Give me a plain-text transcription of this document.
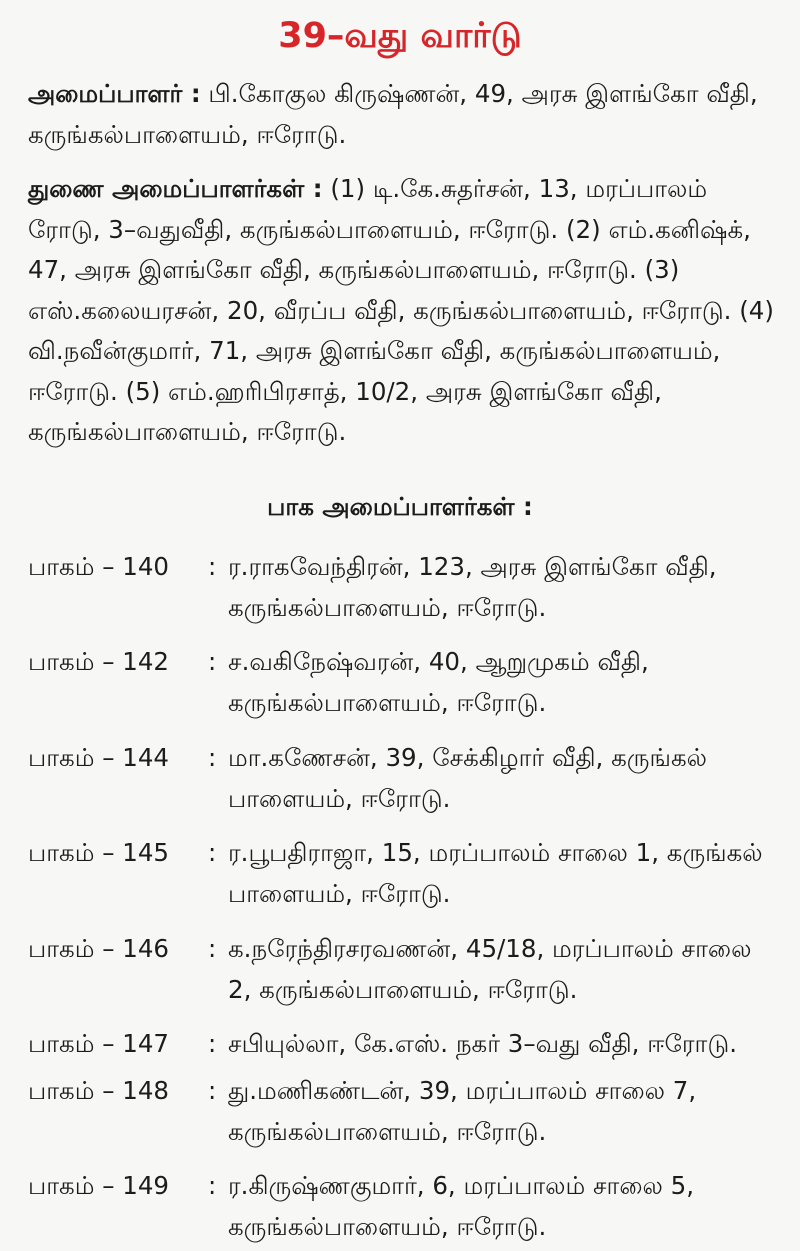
39–வது வார்டு

அமைப்பாளர் : பி.கோகுல கிருஷ்ணன், 49, அரசு இளங்கோ வீதி, கருங்கல்பாளையம், ஈரோடு.

துணை அமைப்பாளர்கள் : (1) டி.கே.சுதர்சன், 13, மரப்பாலம் ரோடு, 3–வதுவீதி, கருங்கல்பாளையம், ஈரோடு. (2) எம்.கனிஷ்க், 47, அரசு இளங்கோ வீதி, கருங்கல்பாளையம், ஈரோடு. (3) எஸ்.கலையரசன், 20, வீரப்ப வீதி, கருங்கல்பாளையம், ஈரோடு. (4) வி.நவீன்குமார், 71, அரசு இளங்கோ வீதி, கருங்கல்பாளையம், ஈரோடு. (5) எம்.ஹரிபிரசாத், 10/2, அரசு இளங்கோ வீதி, கருங்கல்பாளையம், ஈரோடு.

பாக அமைப்பாளர்கள் :
பாகம் – 140 : ர.ராகவேந்திரன், 123, அரசு இளங்கோ வீதி, கருங்கல்பாளையம், ஈரோடு.
பாகம் – 142 : ச.வகிநேஷ்வரன், 40, ஆறுமுகம் வீதி, கருங்கல்பாளையம், ஈரோடு.
பாகம் – 144 : மா.கணேசன், 39, சேக்கிழார் வீதி, கருங்கல் பாளையம், ஈரோடு.
பாகம் – 145 : ர.பூபதிராஜா, 15, மரப்பாலம் சாலை 1, கருங்கல் பாளையம், ஈரோடு.
பாகம் – 146 : க.நரேந்திரசரவணன், 45/18, மரப்பாலம் சாலை 2, கருங்கல்பாளையம், ஈரோடு.
பாகம் – 147 : சபியுல்லா, கே.எஸ். நகர் 3–வது வீதி, ஈரோடு.
பாகம் – 148 : து.மணிகண்டன், 39, மரப்பாலம் சாலை 7, கருங்கல்பாளையம், ஈரோடு.
பாகம் – 149 : ர.கிருஷ்ணகுமார், 6, மரப்பாலம் சாலை 5, கருங்கல்பாளையம், ஈரோடு.
